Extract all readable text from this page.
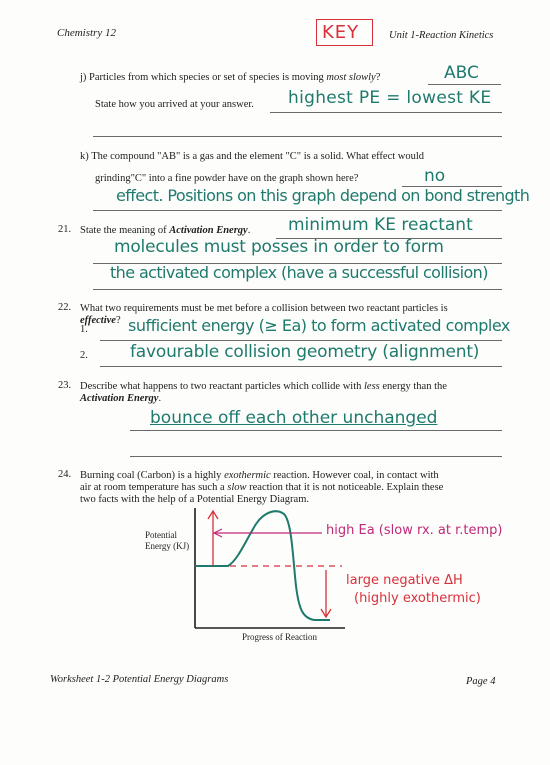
Chemistry 12	KEY	Unit 1-Reaction Kinetics
j) Particles from which species or set of species is moving most slowly?	ABC
State how you arrived at your answer. highest PE = lowest KE
k) The compound "AB" is a gas and the element "C" is a solid. What effect would
grinding"C" into a fine powder have on the graph shown here?	no
effect. Positions on this graph depend on bond strength
21. State the meaning of Activation Energy. minimum KE reactant
molecules must posses in order to form
the activated complex (have a successful collision)
22. What two requirements must be met before a collision between two reactant particles is
effective?
1.	sufficient energy (≥ Ea) to form activated complex
2. favourable collision geometry (alignment)
23. Describe what happens to two reactant particles which collide with less energy than the
Activation Energy.
bounce off each other unchanged
24. Burning coal (Carbon) is a highly exothermic reaction. However coal, in contact with
air at room temperature has such a slow reaction that it is not noticeable. Explain these
two facts with the help of a Potential Energy Diagram.
Potential
Energy (KJ)
high Ea (slow rx. at r.temp)
large negative ΔH
(highly exothermic)
Progress of Reaction
Worksheet 1-2 Potential Energy Diagrams	Page 4
